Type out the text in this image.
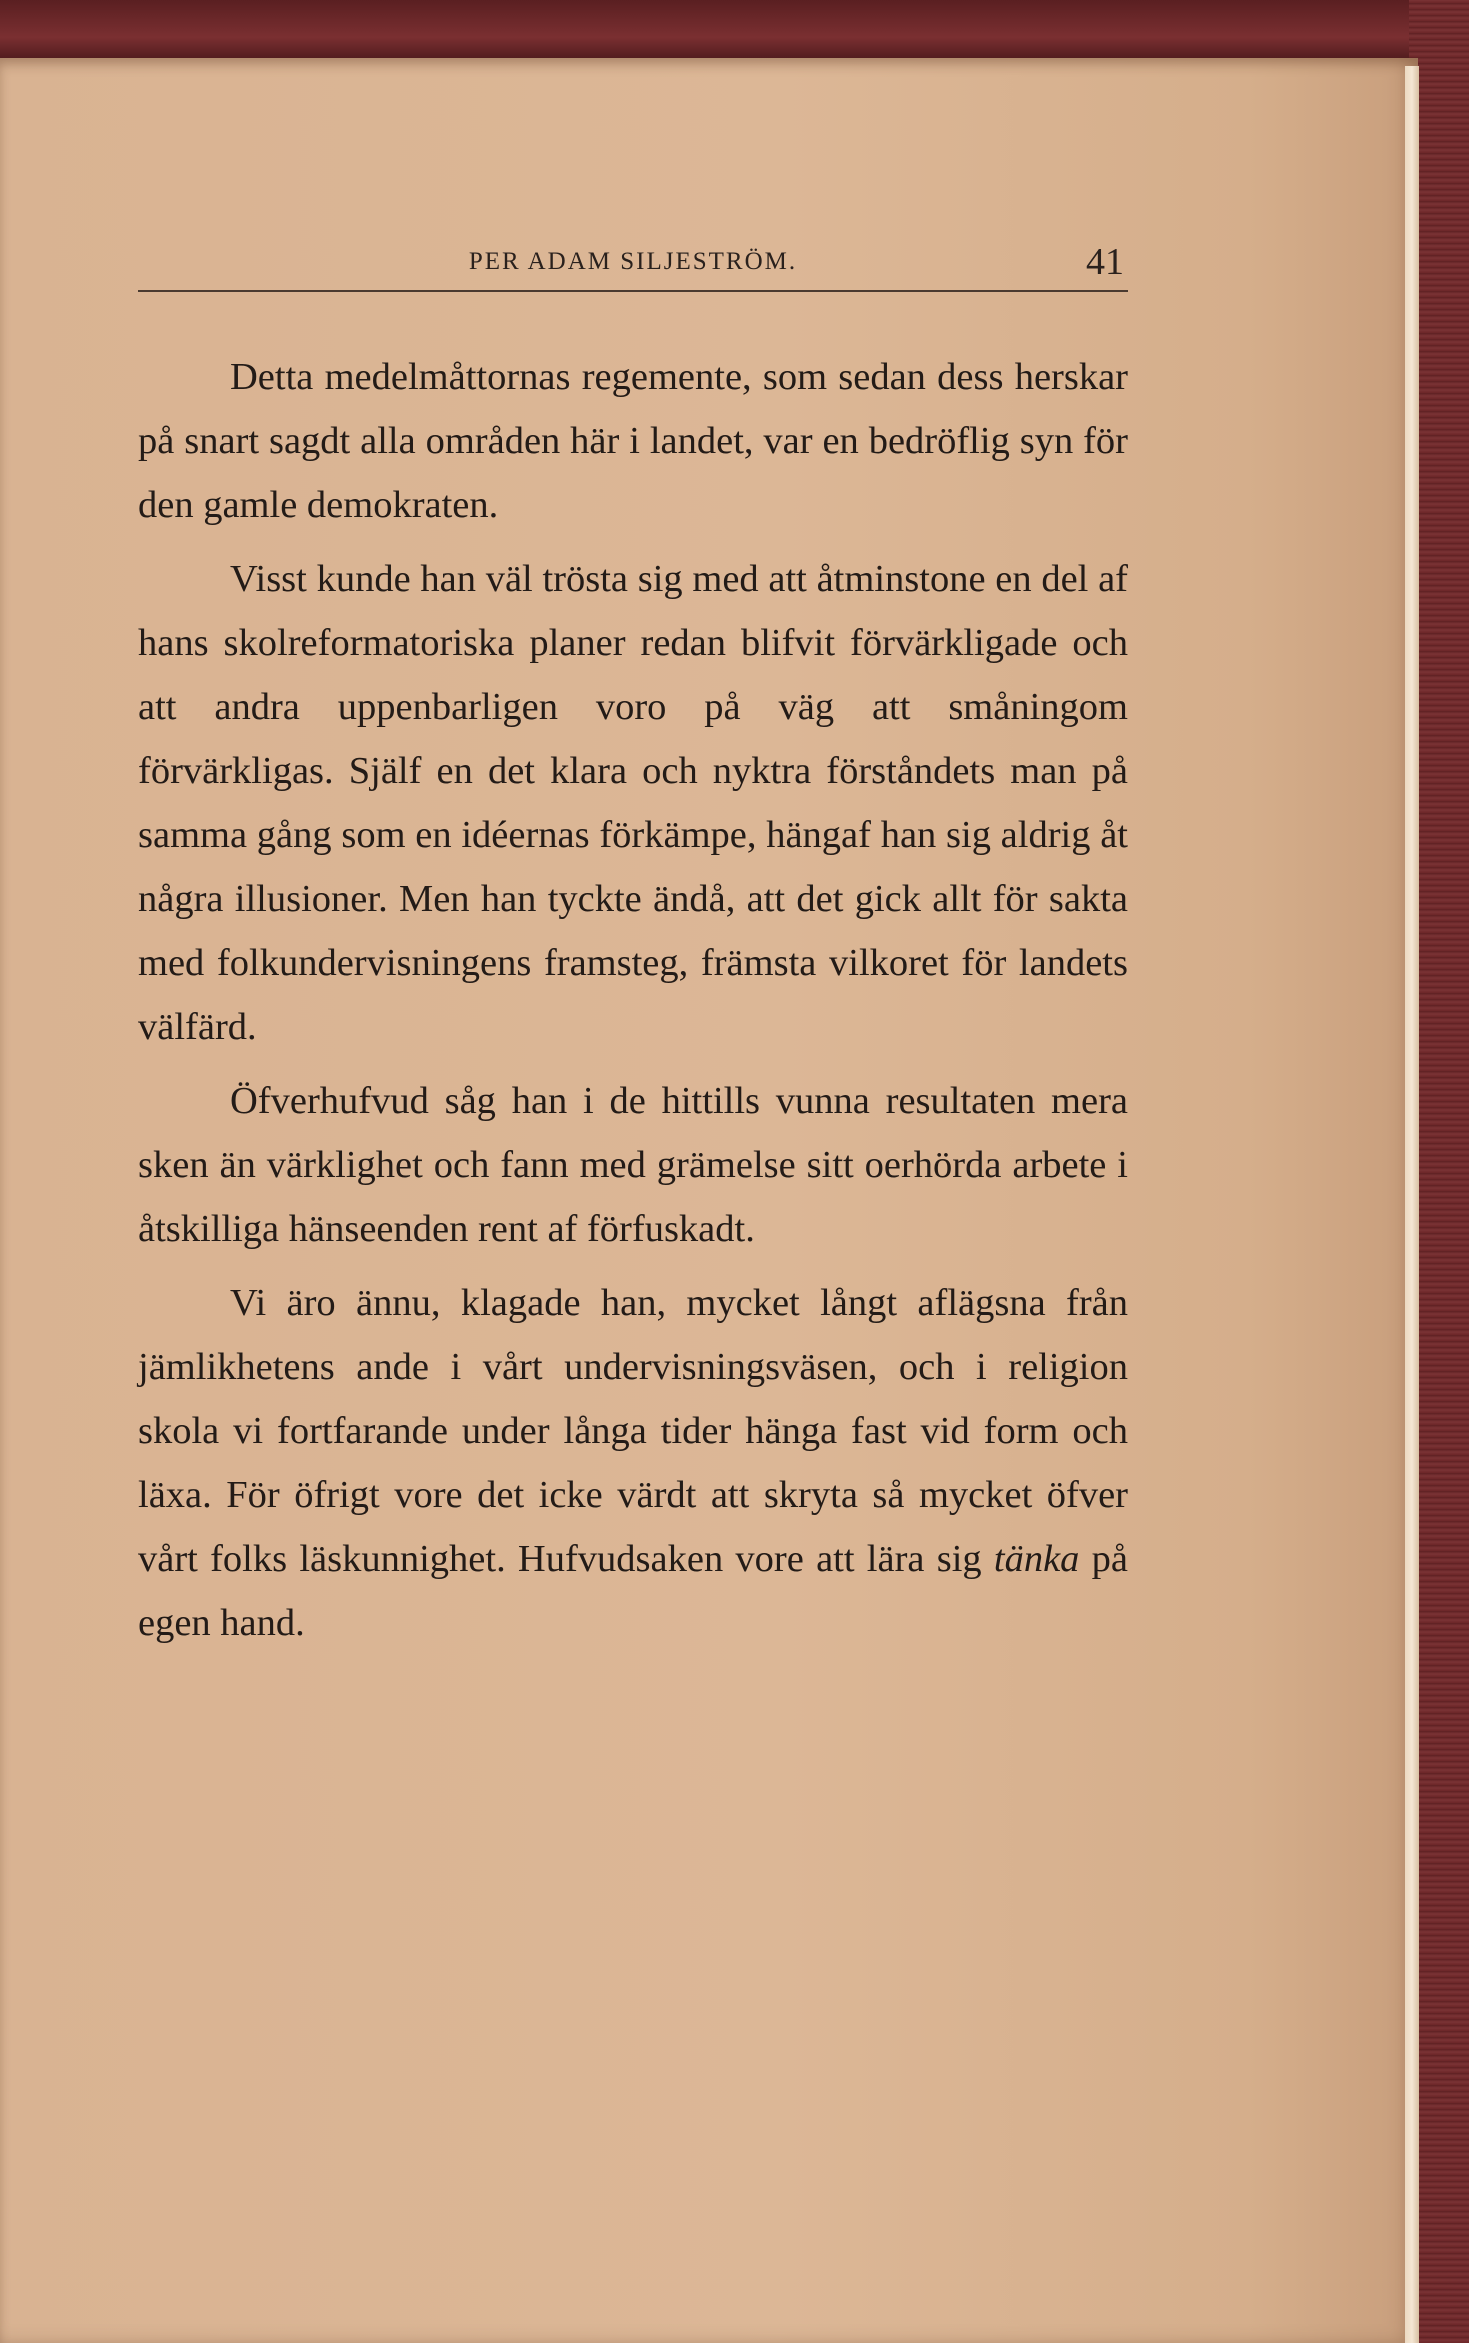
PER ADAM SILJESTRÖM.	41

Detta medelmåttornas regemente, som sedan dess herskar på snart sagdt alla områden här i landet, var en bedröflig syn för den gamle demokraten.

Visst kunde han väl trösta sig med att åtminstone en del af hans skolreformatoriska planer redan blifvit förvärkligade och att andra uppenbarligen voro på väg att småningom förvärkligas. Själf en det klara och nyktra förståndets man på samma gång som en idéernas förkämpe, hängaf han sig aldrig åt några illusioner. Men han tyckte ändå, att det gick allt för sakta med folkundervisningens framsteg, främsta vilkoret för landets välfärd.

Öfverhufvud såg han i de hittills vunna resultaten mera sken än värklighet och fann med grämelse sitt oerhörda arbete i åtskilliga hänseenden rent af förfuskadt.

Vi äro ännu, klagade han, mycket långt aflägsna från jämlikhetens ande i vårt undervisningsväsen, och i religion skola vi fortfarande under långa tider hänga fast vid form och läxa. För öfrigt vore det icke värdt att skryta så mycket öfver vårt folks läskunnighet. Hufvudsaken vore att lära sig tänka på egen hand.
